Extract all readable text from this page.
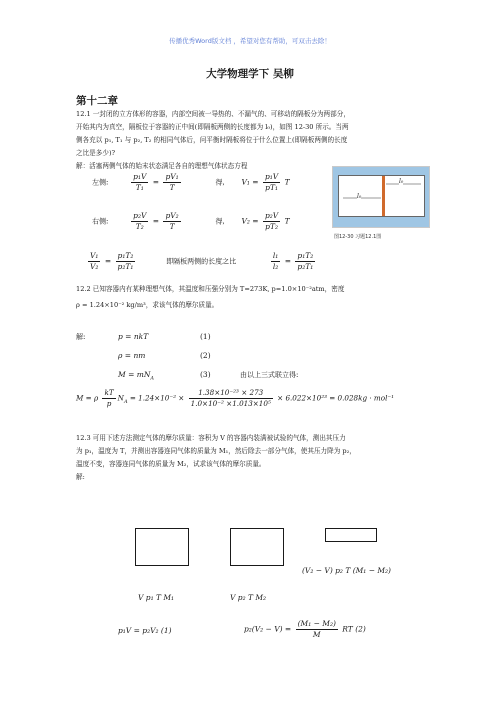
传播优秀Word版文档 ，希望对您有帮助，可双击去除！
大学物理学下 吴柳
第十二章
12.1 一封闭的立方体形的容器，内部空间被一导热的、不漏气的、可移动的隔板分为两部分，
开始其内为真空，隔板位于容器的正中间(即隔板两侧的长度都为 l₀)，如图 12-30 所示。当两
侧各充以 p₁, T₁ 与 p₂, T₂ 的相同气体后，问平衡时隔板将位于什么位置上(即隔板两侧的长度
之比是多少)?
解：活塞两侧气体的始末状态满足各自的理想气体状态方程
左侧:	$\frac{\text{p₁V}}{\text{T₁}} = \frac{\text{pV₁}}{T}$	得, $V_1 = \frac{\text{p₁V}}{\text{pT₁}}$ T
右侧:	$\frac{\text{p₂V}}{\text{T₂}} = \frac{\text{pV₂}}{T}$	得, $V_2 = \frac{\text{p₂V}}{\text{pT₂}}$ T
$\frac{\text{V₁}}{\text{V₂}} = \frac{\text{p₁T₂}}{\text{p₂T₁}}$	即隔板两侧的长度之比	$\frac{\text{l₁}}{\text{l₂}} = \frac{\text{p₁T₂}}{\text{p₂T₁}}$
l₀
l₀
图12-30 习题12.1图
12.2 已知容器内有某种理想气体，其温度和压强分别为 T=273K, p=1.0×10⁻²atm，密度
ρ = 1.24×10⁻² kg/m³，求该气体的摩尔质量。
解:	p = nkT	(1)
ρ = nm	(2)
$M = mN_A$	(3)	由以上三式联立得:
M = ρ $\frac{kT}{p} N_A = 1.24\times 10^{-2} \times \frac{\text{1.38×10⁻²³ × 273}}{\text{1.0×10⁻² ×1.013×10⁵}} \times 6.022\times 10^{23} = 0.028kg \cdot mol^{-1}$
12.3 可用下述方法测定气体的摩尔质量：容积为 V 的容器内装满被试验的气体，测出其压力
为 p₁，温度为 T，并测出容器连同气体的质量为 M₁，然后除去一部分气体，使其压力降为 p₂，
温度不变，容器连同气体的质量为 M₂，试求该气体的摩尔质量。
解:
(V₂ − V) p₂ T (M₁ − M₂)
V p₁ T M₁	V p₂ T M₂
p₁V = p₂V₂ (1)	$p_2(V_2 - V) = \frac{\text{(M₁ − M₂)}}{M}$ RT (2)
